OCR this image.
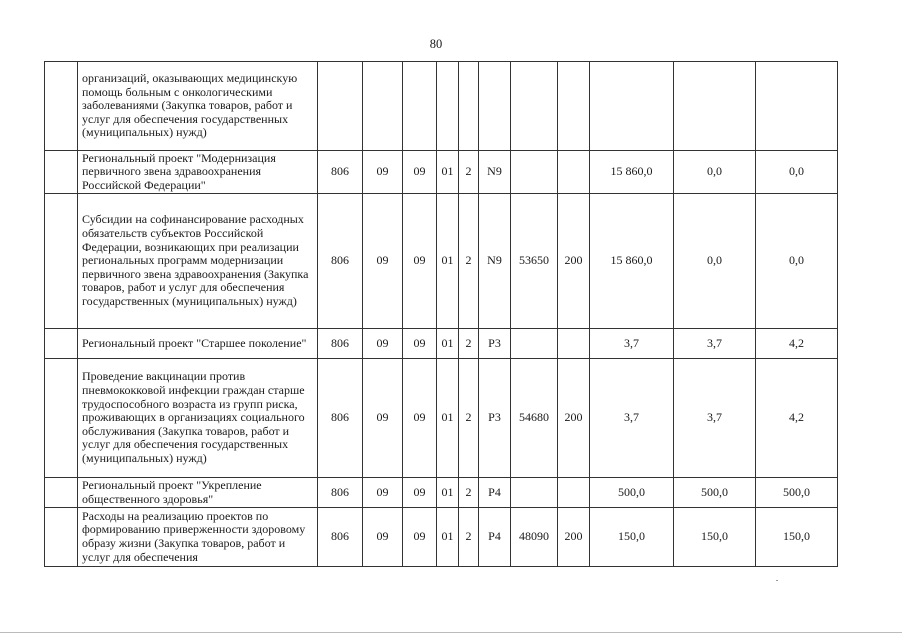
80
	организаций, оказывающих медицинскую помощь больным с онкологическими заболеваниями (Закупка товаров, работ и услуг для обеспечения государственных (муниципальных) нужд)											
	Региональный проект "Модернизация первичного звена здравоохранения Российской Федерации"	806	09	09	01	2	N9			15 860,0	0,0	0,0
	Субсидии на софинансирование расходных обязательств субъектов Российской Федерации, возникающих при реализации региональных программ модернизации первичного звена здравоохранения (Закупка товаров, работ и услуг для обеспечения государственных (муниципальных) нужд)	806	09	09	01	2	N9	53650	200	15 860,0	0,0	0,0
	Региональный проект "Старшее поколение"	806	09	09	01	2	P3			3,7	3,7	4,2
	Проведение вакцинации против пневмококковой инфекции граждан старше трудоспособного возраста из групп риска, проживающих в организациях социального обслуживания (Закупка товаров, работ и услуг для обеспечения государственных (муниципальных) нужд)	806	09	09	01	2	P3	54680	200	3,7	3,7	4,2
	Региональный проект "Укрепление общественного здоровья"	806	09	09	01	2	P4			500,0	500,0	500,0
	Расходы на реализацию проектов по формированию приверженности здоровому образу жизни (Закупка товаров, работ и услуг для обеспечения	806	09	09	01	2	P4	48090	200	150,0	150,0	150,0
